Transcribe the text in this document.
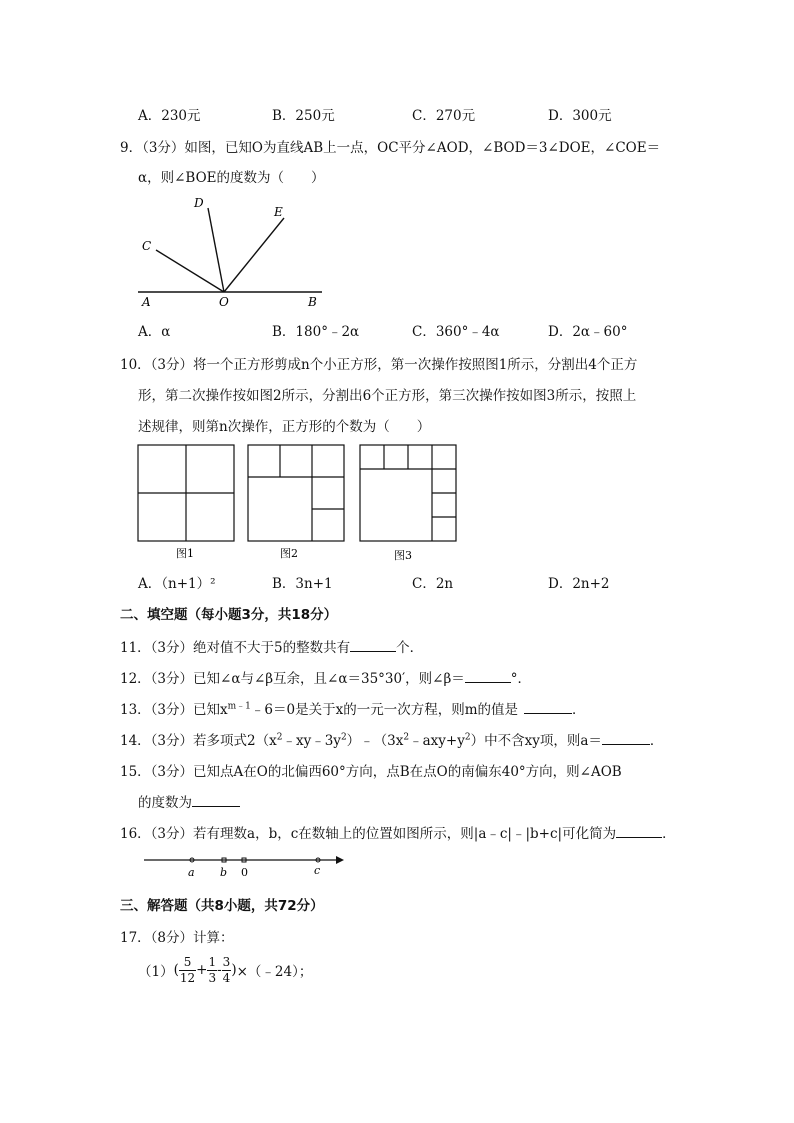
A．230元	B．250元	C．270元	D．300元
9．（3分）如图，已知O为直线AB上一点，OC平分∠AOD，∠BOD＝3∠DOE，∠COE＝
α，则∠BOE的度数为（　　）
A	O	B
C
D
E
A．α	B．180°﹣2α	C．360°﹣4α	D．2α﹣60°
10．（3分）将一个正方形剪成n个小正方形，第一次操作按照图1所示，分割出4个正方
形，第二次操作按如图2所示，分割出6个正方形，第三次操作按如图3所示，按照上
述规律，则第n次操作，正方形的个数为（　　）
图1	图2	图3
A．（n+1）²	B．3n+1	C．2n	D．2n+2
二、填空题（每小题3分，共18分）
11．（3分）绝对值不大于5的整数共有	个．
12．（3分）已知∠α与∠β互余，且∠α＝35°30′，则∠β＝	°．
13．（3分）已知$x^{m﹣1}﹣6=0$是关于x的一元一次方程，则m的值是	．
14．（3分）若多项式$2(x^2﹣xy﹣3y^2)﹣(3x^2﹣axy+y^2)$中不含xy项，则a＝	．
15．（3分）已知点A在O的北偏西60°方向，点B在点O的南偏东40°方向，则∠AOB
的度数为
16．（3分）若有理数a，b，c在数轴上的位置如图所示，则|a﹣c|﹣|b+c|可化简为	．
a b 0	c
三、解答题（共8小题，共72分）
17．（8分）计算：
（1） ( $\frac{5}{12} + \frac{1}{3} - \frac{3}{4}$ ) ×（﹣24）；
